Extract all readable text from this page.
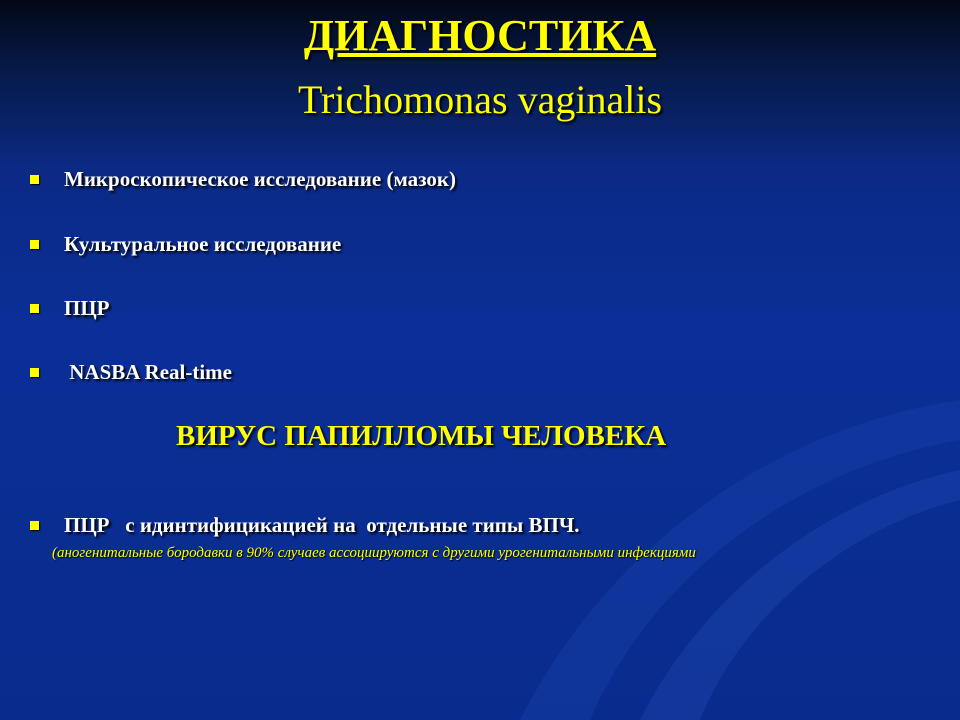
ДИАГНОСТИКА
Trichomonas vaginalis
Микроскопическое исследование (мазок)
Культуральное исследование
ПЦР
NASBA Real-time
ВИРУС ПАПИЛЛОМЫ ЧЕЛОВЕКА
ПЦР   с идинтифицикацией на  отдельные типы ВПЧ.
(аногенитальные бородавки в 90% случаев ассоциируются с другими урогенитальными инфекциями
